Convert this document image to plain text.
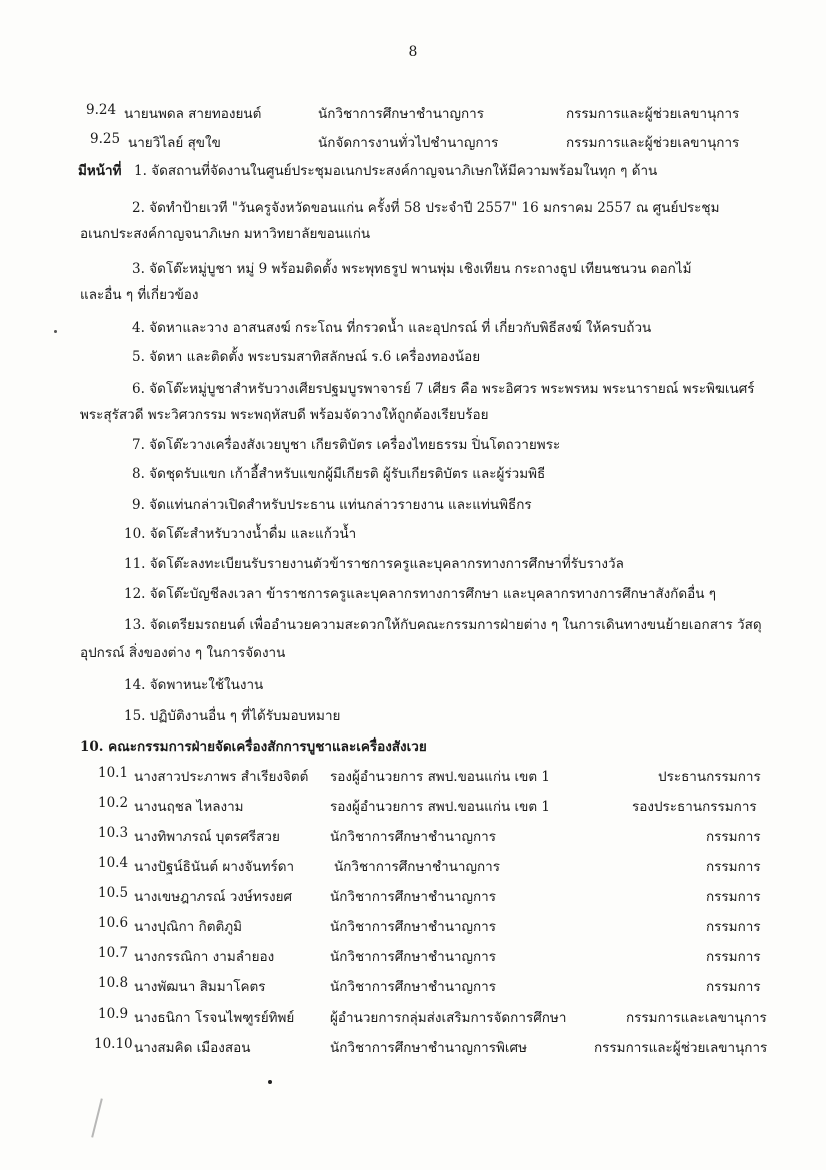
8
9.24 นายนพดล สายทองยนต์	นักวิชาการศึกษาชำนาญการ	กรรมการและผู้ช่วยเลขานุการ
9.25 นายวิไลย์ สุขใข	นักจัดการงานทั่วไปชำนาญการ	กรรมการและผู้ช่วยเลขานุการ
มีหน้าที่ 1. จัดสถานที่จัดงานในศูนย์ประชุมอเนกประสงค์กาญจนาภิเษกให้มีความพร้อมในทุก ๆ ด้าน
2. จัดทำป้ายเวที "วันครูจังหวัดขอนแก่น ครั้งที่ 58 ประจำปี 2557" 16 มกราคม 2557 ณ ศูนย์ประชุม
อเนกประสงค์กาญจนาภิเษก มหาวิทยาลัยขอนแก่น
3. จัดโต๊ะหมู่บูชา หมู่ 9 พร้อมติดตั้ง พระพุทธรูป พานพุ่ม เชิงเทียน กระถางธูป เทียนชนวน ดอกไม้
และอื่น ๆ ที่เกี่ยวข้อง
4. จัดหาและวาง อาสนสงฆ์ กระโถน ที่กรวดน้ำ และอุปกรณ์ ที่ เกี่ยวกับพิธีสงฆ์ ให้ครบถ้วน
5. จัดหา และติดตั้ง พระบรมสาทิสลักษณ์ ร.6 เครื่องทองน้อย
6. จัดโต๊ะหมู่บูชาสำหรับวางเศียรปฐมบูรพาจารย์ 7 เศียร คือ พระอิศวร พระพรหม พระนารายณ์ พระพิฆเนศร์
พระสุรัสวดี พระวิศวกรรม พระพฤหัสบดี พร้อมจัดวางให้ถูกต้องเรียบร้อย
7. จัดโต๊ะวางเครื่องสังเวยบูชา เกียรติบัตร เครื่องไทยธรรม ปิ่นโตถวายพระ
8. จัดชุดรับแขก เก้าอี้สำหรับแขกผู้มีเกียรติ ผู้รับเกียรติบัตร และผู้ร่วมพิธี
9. จัดแท่นกล่าวเปิดสำหรับประธาน แท่นกล่าวรายงาน และแท่นพิธีกร
10. จัดโต๊ะสำหรับวางน้ำดื่ม และแก้วน้ำ
11. จัดโต๊ะลงทะเบียนรับรายงานตัวข้าราชการครูและบุคลากรทางการศึกษาที่รับรางวัล
12. จัดโต๊ะบัญชีลงเวลา ข้าราชการครูและบุคลากรทางการศึกษา และบุคลากรทางการศึกษาสังกัดอื่น ๆ
13. จัดเตรียมรถยนต์ เพื่ออำนวยความสะดวกให้กับคณะกรรมการฝ่ายต่าง ๆ ในการเดินทางขนย้ายเอกสาร วัสดุ
อุปกรณ์ สิ่งของต่าง ๆ ในการจัดงาน
14. จัดพาหนะใช้ในงาน
15. ปฏิบัติงานอื่น ๆ ที่ได้รับมอบหมาย
10. คณะกรรมการฝ่ายจัดเครื่องสักการบูชาและเครื่องสังเวย
10.1 นางสาวประภาพร สำเรียงจิตต์ รองผู้อำนวยการ สพป.ขอนแก่น เขต 1	ประธานกรรมการ
10.2 นางนฤชล ไหลงาม	รองผู้อำนวยการ สพป.ขอนแก่น เขต 1	รองประธานกรรมการ
10.3 นางทิพาภรณ์ บุตรศรีสวย	นักวิชาการศึกษาชำนาญการ	กรรมการ
10.4 นางปัฐน์ธินันต์ ผางจันทร์ดา	นักวิชาการศึกษาชำนาญการ	กรรมการ
10.5 นางเขษฎาภรณ์ วงษ์ทรงยศ	นักวิชาการศึกษาชำนาญการ	กรรมการ
10.6 นางปุณิกา กิตติภูมิ	นักวิชาการศึกษาชำนาญการ	กรรมการ
10.7 นางกรรณิกา งามลำยอง	นักวิชาการศึกษาชำนาญการ	กรรมการ
10.8 นางพัฒนา สิมมาโคตร	นักวิชาการศึกษาชำนาญการ	กรรมการ
10.9 นางธนิกา โรจนไพฑูรย์ทิพย์	ผู้อำนวยการกลุ่มส่งเสริมการจัดการศึกษา	กรรมการและเลขานุการ
10.10 นางสมคิด เมืองสอน	นักวิชาการศึกษาชำนาญการพิเศษ	กรรมการและผู้ช่วยเลขานุการ
